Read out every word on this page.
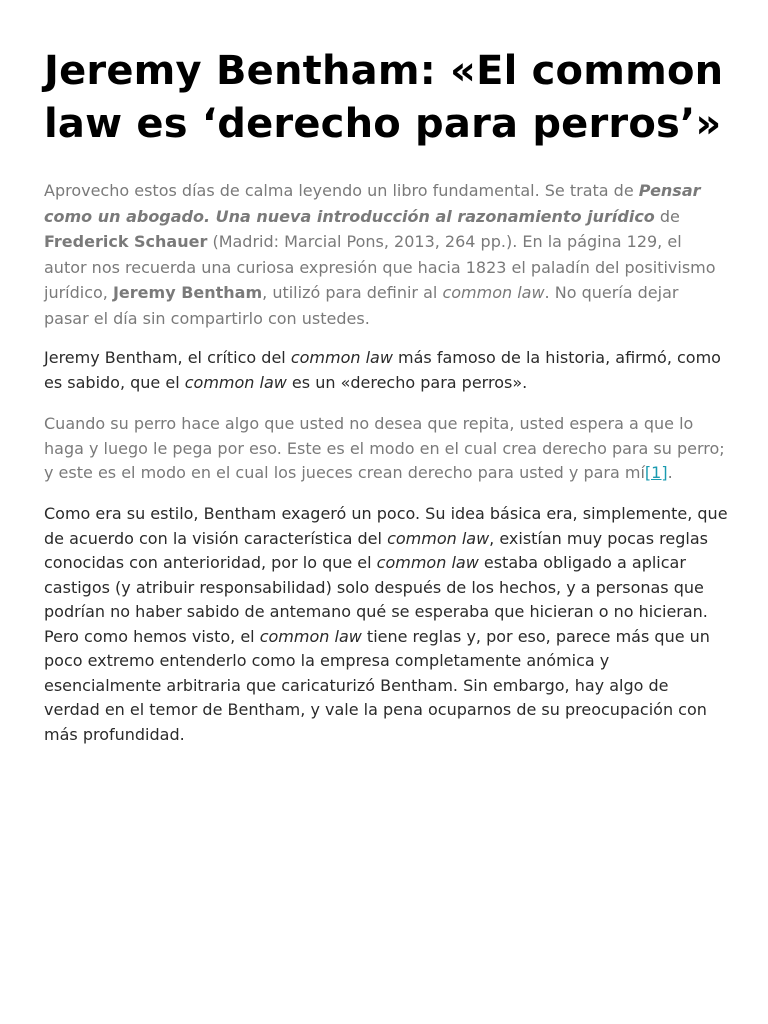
Jeremy Bentham: «El common law es ‘derecho para perros’»

Aprovecho estos días de calma leyendo un libro fundamental. Se trata de Pensar como un abogado. Una nueva introducción al razonamiento jurídico de Frederick Schauer (Madrid: Marcial Pons, 2013, 264 pp.). En la página 129, el autor nos recuerda una curiosa expresión que hacia 1823 el paladín del positivismo jurídico, Jeremy Bentham, utilizó para definir al common law. No quería dejar pasar el día sin compartirlo con ustedes.

Jeremy Bentham, el crítico del common law más famoso de la historia, afirmó, como es sabido, que el common law es un «derecho para perros».

Cuando su perro hace algo que usted no desea que repita, usted espera a que lo haga y luego le pega por eso. Este es el modo en el cual crea derecho para su perro; y este es el modo en el cual los jueces crean derecho para usted y para mí[1].

Como era su estilo, Bentham exageró un poco. Su idea básica era, simplemente, que de acuerdo con la visión característica del common law, existían muy pocas reglas conocidas con anterioridad, por lo que el common law estaba obligado a aplicar castigos (y atribuir responsabilidad) solo después de los hechos, y a personas que podrían no haber sabido de antemano qué se esperaba que hicieran o no hicieran. Pero como hemos visto, el common law tiene reglas y, por eso, parece más que un poco extremo entenderlo como la empresa completamente anómica y esencialmente arbitraria que caricaturizó Bentham. Sin embargo, hay algo de verdad en el temor de Bentham, y vale la pena ocuparnos de su preocupación con más profundidad.
